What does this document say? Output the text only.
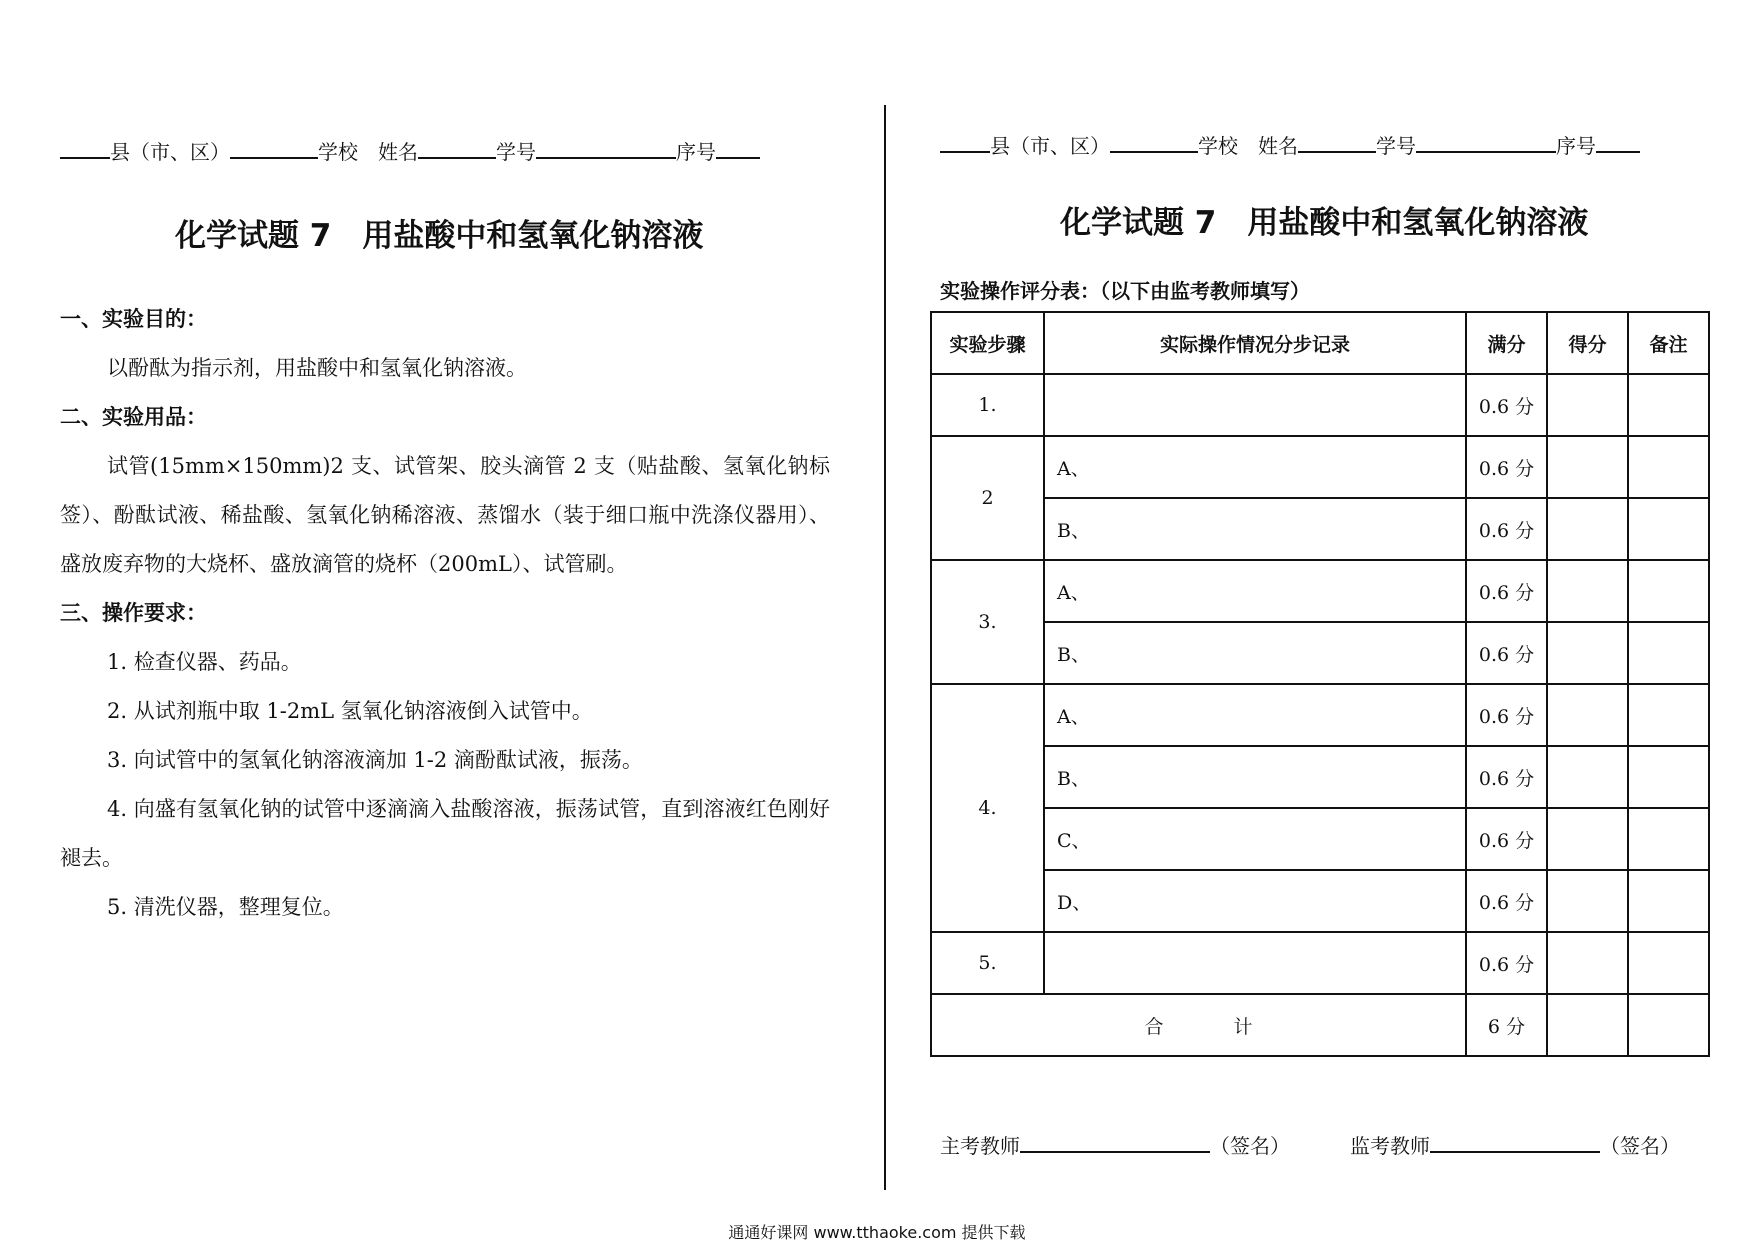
县（市、区）	学校　 姓名	学号	序号
化学试题 7　用盐酸中和氢氧化钠溶液
一、实验目的：
以酚酞为指示剂，用盐酸中和氢氧化钠溶液。
二、实验用品：
试管(15mm×150mm)2 支、试管架、胶头滴管 2 支（贴盐酸、氢氧化钠标签）、酚酞试液、稀盐酸、氢氧化钠稀溶液、蒸馏水（装于细口瓶中洗涤仪器用）、盛放废弃物的大烧杯、盛放滴管的烧杯（200mL）、试管刷。
三、操作要求：
1. 检查仪器、药品。
2. 从试剂瓶中取 1-2mL 氢氧化钠溶液倒入试管中。
3. 向试管中的氢氧化钠溶液滴加 1-2 滴酚酞试液，振荡。
4. 向盛有氢氧化钠的试管中逐滴滴入盐酸溶液，振荡试管，直到溶液红色刚好褪去。
5. 清洗仪器，整理复位。
县（市、区）	学校　 姓名	学号	序号
化学试题 7　用盐酸中和氢氧化钠溶液
实验操作评分表：（以下由监考教师填写）
实验步骤	实际操作情况分步记录	满分	得分	备注
1.		0.6 分		
2	A、	0.6 分		
	B、	0.6 分		
3.	A、	0.6 分		
	B、	0.6 分		
4.	A、	0.6 分		
	B、	0.6 分		
	C、	0.6 分		
	D、	0.6 分		
5.		0.6 分		
合 计		6 分		
主考教师	（签名）	监考教师	（签名）
通通好课网 www.tthaoke.com 提供下载
